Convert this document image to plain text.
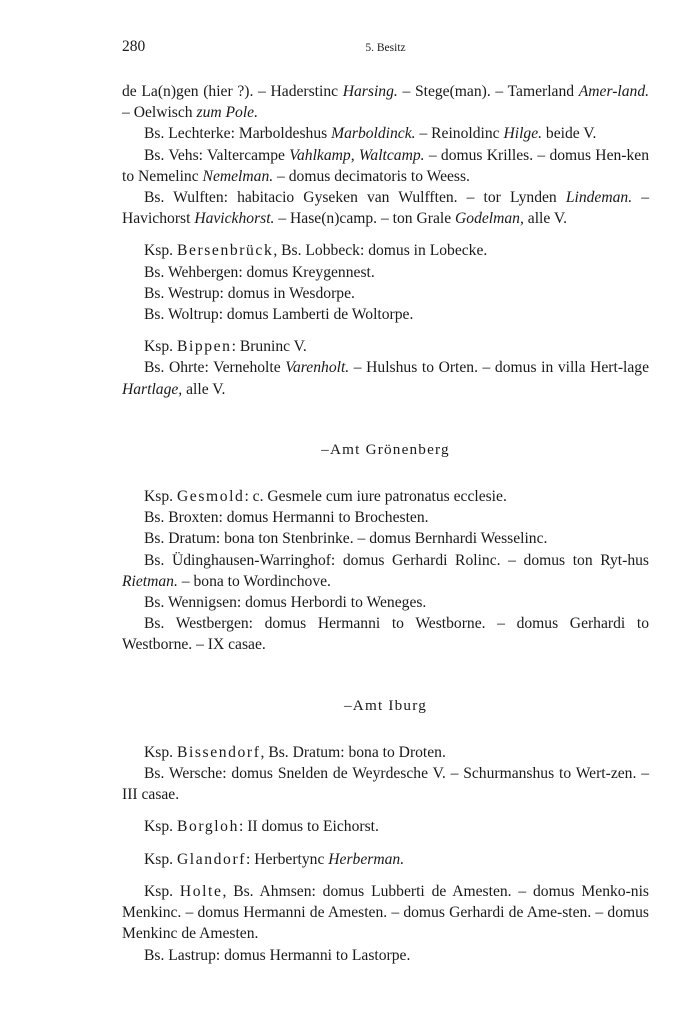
280	5. Besitz

de La(n)gen (hier ?). – Haderstinc Harsing. – Stege(man). – Tamerland Amer-land. – Oelwisch zum Pole.

Bs. Lechterke: Marboldeshus Marboldinck. – Reinoldinc Hilge. beide V.

Bs. Vehs: Valtercampe Vahlkamp, Waltcamp. – domus Krilles. – domus Hen-ken to Nemelinc Nemelman. – domus decimatoris to Weess.

Bs. Wulften: habitacio Gyseken van Wulfften. – tor Lynden Lindeman. – Havichorst Havickhorst. – Hase(n)camp. – ton Grale Godelman, alle V.

Ksp. Bersenbrück, Bs. Lobbeck: domus in Lobecke.

Bs. Wehbergen: domus Kreygennest.

Bs. Westrup: domus in Wesdorpe.

Bs. Woltrup: domus Lamberti de Woltorpe.

Ksp. Bippen: Bruninc V.

Bs. Ohrte: Verneholte Varenholt. – Hulshus to Orten. – domus in villa Hert-lage Hartlage, alle V.

–Amt Grönenberg

Ksp. Gesmold: c. Gesmele cum iure patronatus ecclesie.

Bs. Broxten: domus Hermanni to Brochesten.

Bs. Dratum: bona ton Stenbrinke. – domus Bernhardi Wesselinc.

Bs. Üdinghausen-Warringhof: domus Gerhardi Rolinc. – domus ton Ryt-hus Rietman. – bona to Wordinchove.

Bs. Wennigsen: domus Herbordi to Weneges.

Bs. Westbergen: domus Hermanni to Westborne. – domus Gerhardi to Westborne. – IX casae.

–Amt Iburg

Ksp. Bissendorf, Bs. Dratum: bona to Droten.

Bs. Wersche: domus Snelden de Weyrdesche V. – Schurmanshus to Wert-zen. – III casae.

Ksp. Borgloh: II domus to Eichorst.

Ksp. Glandorf: Herbertync Herberman.

Ksp. Holte, Bs. Ahmsen: domus Lubberti de Amesten. – domus Menko-nis Menkinc. – domus Hermanni de Amesten. – domus Gerhardi de Ame-sten. – domus Menkinc de Amesten.

Bs. Lastrup: domus Hermanni to Lastorpe.
